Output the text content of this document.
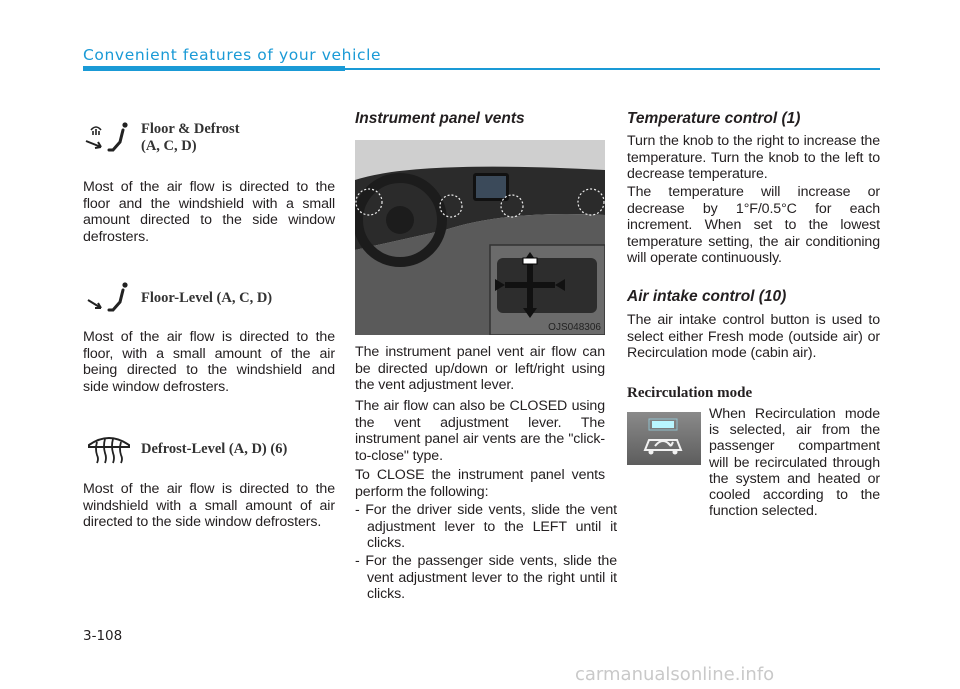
Convenient features of your vehicle
Floor & Defrost
(A, C, D)

Most of the air flow is directed to the floor and the windshield with a small amount directed to the side window defrosters.

Floor-Level (A, C, D)

Most of the air flow is directed to the floor, with a small amount of the air being directed to the windshield and side window defrosters.

Defrost-Level (A, D) (6)

Most of the air flow is directed to the windshield with a small amount of air directed to the side window defrosters.

Instrument panel vents
OJS048306

The instrument panel vent air flow can be directed up/down or left/right using the vent adjustment lever.

The air flow can also be CLOSED using the vent adjustment lever. The instrument panel air vents are the "click-to-close" type.

To CLOSE the instrument panel vents perform the following:

- For the driver side vents, slide the vent adjustment lever to the LEFT until it clicks.

- For the passenger side vents, slide the vent adjustment lever to the right until it clicks.

Temperature control (1)

Turn the knob to the right to increase the temperature. Turn the knob to the left to decrease temperature.

The temperature will increase or decrease by 1°F/0.5°C for each increment. When set to the lowest temperature setting, the air conditioning will operate continuously.

Air intake control (10)

The air intake control button is used to select either Fresh mode (outside air) or Recirculation mode (cabin air).

Recirculation mode

When Recirculation mode is selected, air from the passenger compartment will be recirculated through the system and heated or cooled according to the function selected.

3-108
carmanualsonline.info
